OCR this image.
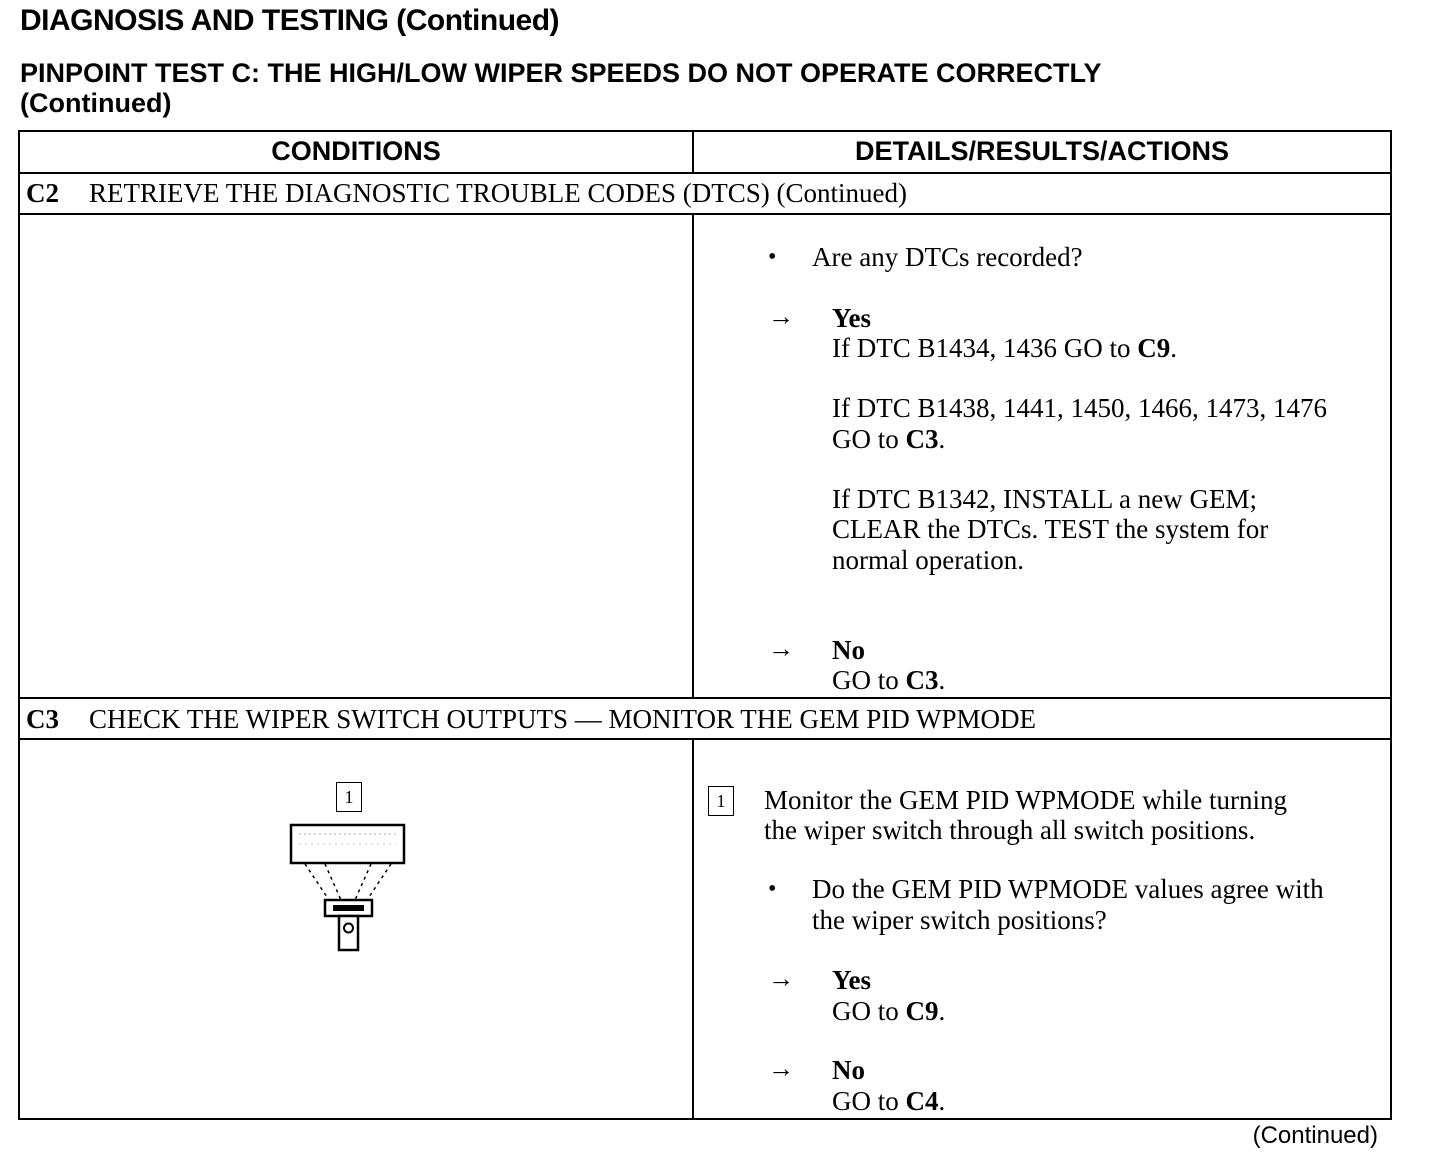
DIAGNOSIS AND TESTING (Continued)
PINPOINT TEST C: THE HIGH/LOW WIPER SPEEDS DO NOT OPERATE CORRECTLY
(Continued)
CONDITIONS	DETAILS/RESULTS/ACTIONS
C2 RETRIEVE THE DIAGNOSTIC TROUBLE CODES (DTCS) (Continued)
• Are any DTCs recorded?
→ Yes
If DTC B1434, 1436 GO to C9.
If DTC B1438, 1441, 1450, 1466, 1473, 1476
GO to C3.
If DTC B1342, INSTALL a new GEM;
CLEAR the DTCs. TEST the system for
normal operation.
→ No
GO to C3.
C3 CHECK THE WIPER SWITCH OUTPUTS — MONITOR THE GEM PID WPMODE
1	1	Monitor the GEM PID WPMODE while turning
the wiper switch through all switch positions.
• Do the GEM PID WPMODE values agree with
the wiper switch positions?
→ Yes
GO to C9.
→ No
GO to C4.
(Continued)
